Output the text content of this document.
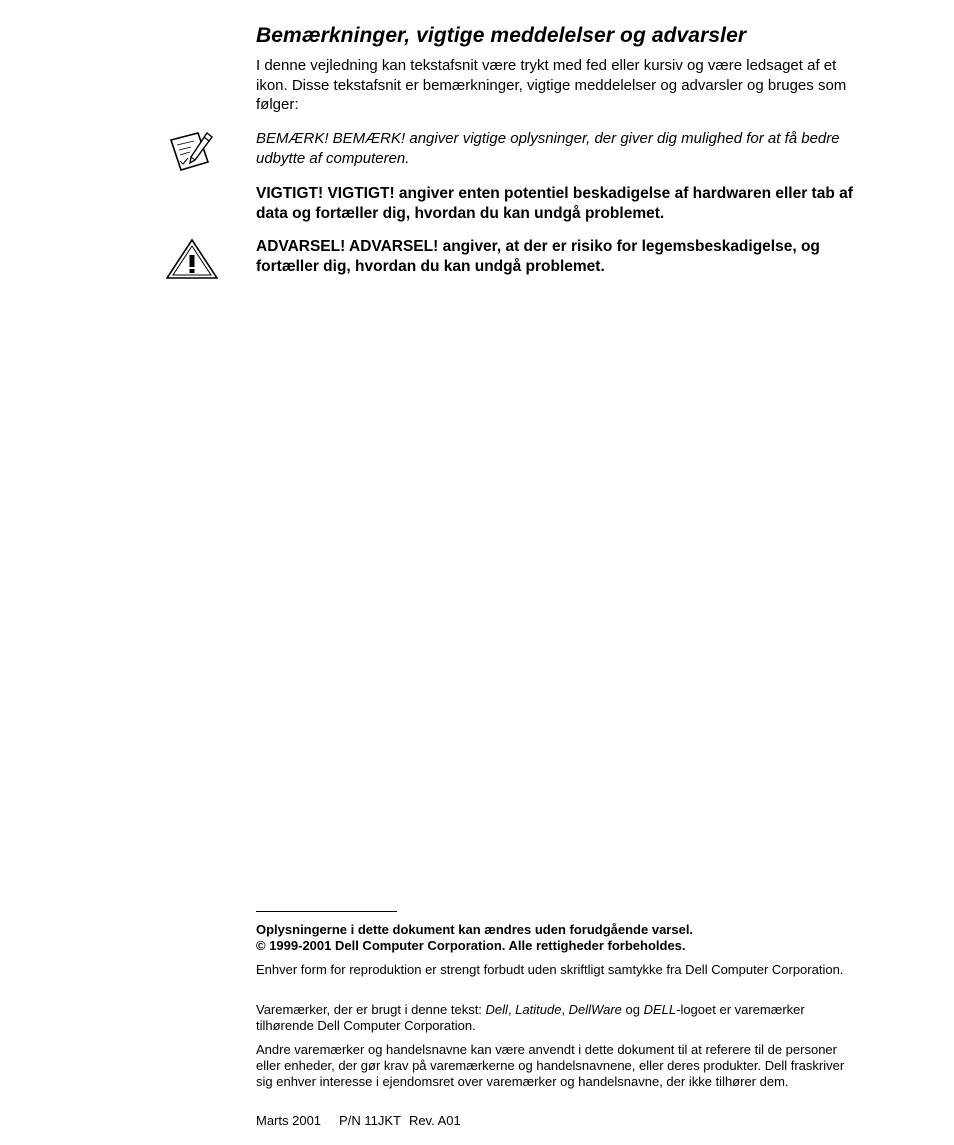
Bemærkninger, vigtige meddelelser og advarsler
I denne vejledning kan tekstafsnit være trykt med fed eller kursiv og være ledsaget af et ikon. Disse tekstafsnit er bemærkninger, vigtige meddelelser og advarsler og bruges som følger:
BEMÆRK! BEMÆRK! angiver vigtige oplysninger, der giver dig mulighed for at få bedre udbytte af computeren.
VIGTIGT! VIGTIGT! angiver enten potentiel beskadigelse af hardwaren eller tab af data og fortæller dig, hvordan du kan undgå problemet.
ADVARSEL! ADVARSEL! angiver, at der er risiko for legemsbeskadigelse, og fortæller dig, hvordan du kan undgå problemet.
Oplysningerne i dette dokument kan ændres uden forudgående varsel.
© 1999-2001 Dell Computer Corporation. Alle rettigheder forbeholdes.
Enhver form for reproduktion er strengt forbudt uden skriftligt samtykke fra Dell Computer Corporation.
Varemærker, der er brugt i denne tekst: Dell, Latitude, DellWare og DELL-logoet er varemærker tilhørende Dell Computer Corporation.
Andre varemærker og handelsnavne kan være anvendt i dette dokument til at referere til de personer eller enheder, der gør krav på varemærkerne og handelsnavnene, eller deres produkter. Dell fraskriver sig enhver interesse i ejendomsret over varemærker og handelsnavne, der ikke tilhører dem.
Marts 2001 P/N 11JKT Rev. A01
